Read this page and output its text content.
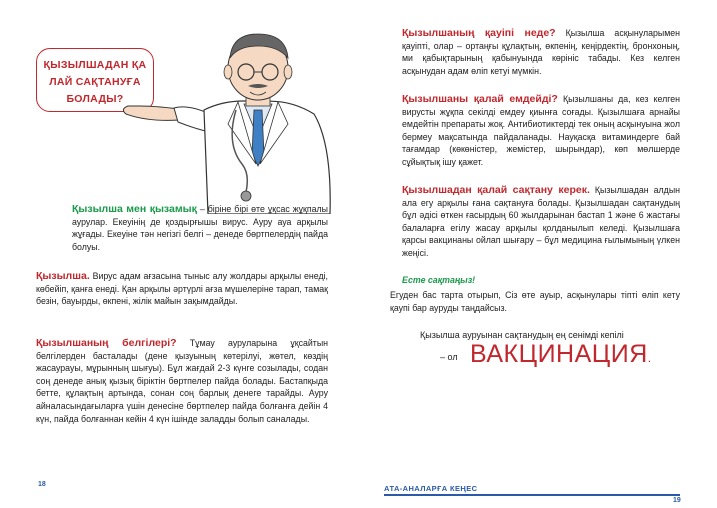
ҚЫЗЫЛШАДАН ҚА ЛАЙ САҚТАНУҒА БОЛАДЫ?

Қызылша мен қызамық – біріне бірі өте ұқсас жұқпалы аурулар. Екеуінің де қоздырғышы вирус. Ауру ауа арқылы жұғады. Екеуіне тән негізгі белгі – денеде бөртпелердің пайда болуы.

Қызылша. Вирус адам ағзасына тыныс алу жолдары арқылы енеді, көбейіп, қанға енеді. Қан арқылы әртүрлі ағза мүшелеріне тарап, тамақ безін, бауырды, өкпені, жілік майын зақымдайды.

Қызылшаның белгілері? Тұмау ауруларына ұқсайтын белгілерден басталады (дене қызуының көтерілуі, жөтел, көздің жасаурауы, мұрынның шығуы). Бұл жағдай 2-3 күнге созылады, содан соң денеде анық қызық біріктін бөртпелер пайда болады. Бастапқыда бетте, құлақтың артында, сонан соң барлық денеге тарайды. Ауру айналасындағыларға үшін денесіне бөртпелер пайда болғанға дейін 4 күн, пайда болғаннан кейін 4 күн ішінде заладды болып саналады.

18

Қызылшаның қауіпі неде? Қызылша асқынуларымен қауіпті, олар – ортаңғы құлақтың, өкпенің, кеңірдектің, бронхоның, ми қабықтарының қабынуында көрініс табады. Кез келген асқынудан адам өліп кетуі мүмкін.

Қызылшаны қалай емдейді? Қызылшаны да, кез келген вирусты жұқпа секілді емдеу қиынға соғады. Қызылшаға арнайы емдейтін препараты жоқ. Антибиотиктерді тек оның асқынуына жол бермеу мақсатында пайдаланады. Науқасқа витаминдерге бай тағамдар (көкөністер, жемістер, шырындар), көп мөлшерде сұйықтық ішу қажет.

Қызылшадан қалай сақтану керек. Қызылшадан алдын ала егу арқылы ғана сақтануға болады. Қызылшадан сақтанудың бұл әдісі өткен ғасырдың 60 жылдарынан бастап 1 және 6 жастағы балаларға егілу жасау арқылы қолданылып келеді. Қызылшаға қарсы вакцинаны ойлап шығару – бұл медицина ғылымының үлкен жеңісі.

Есте сақтаңыз!

Егуден бас тарта отырып, Сіз өте ауыр, асқынулары тіпті өліп кету қаупі бар ауруды таңдайсыз.

Қызылша ауруынан сақтанудың ең сенімді кепілі
– ол ВАКЦИНАЦИЯ.
АТА-АНАЛАРҒА КЕҢЕС
19
